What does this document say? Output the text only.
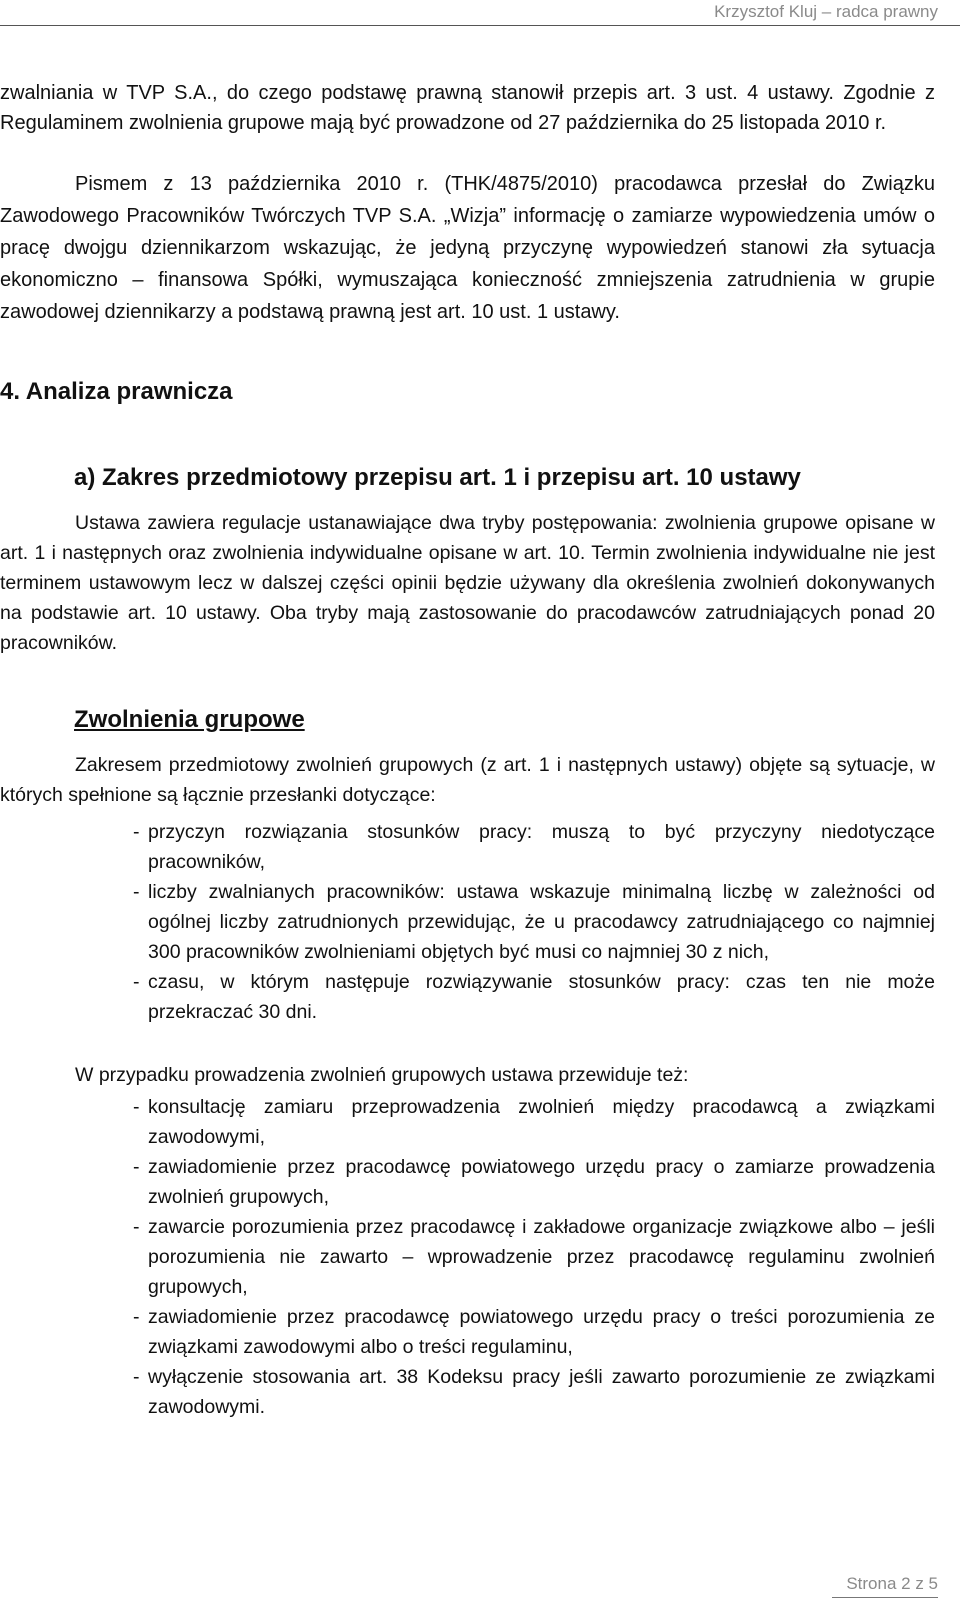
Krzysztof Kluj – radca prawny

zwalniania w TVP S.A., do czego podstawę prawną stanowił przepis art. 3 ust. 4 ustawy. Zgodnie z Regulaminem zwolnienia grupowe mają być prowadzone od 27 października do 25 listopada 2010 r.

Pismem z 13 października 2010 r. (THK/4875/2010) pracodawca przesłał do Związku Zawodowego Pracowników Twórczych TVP S.A. „Wizja” informację o zamiarze wypowiedzenia umów o pracę dwojgu dziennikarzom wskazując, że jedyną przyczynę wypowiedzeń stanowi zła sytuacja ekonomiczno – finansowa Spółki, wymuszająca konieczność zmniejszenia zatrudnienia w grupie zawodowej dziennikarzy a podstawą prawną jest art. 10 ust. 1 ustawy.

4. Analiza prawnicza
a) Zakres przedmiotowy przepisu art. 1 i przepisu art. 10 ustawy

Ustawa zawiera regulacje ustanawiające dwa tryby postępowania: zwolnienia grupowe opisane w art. 1 i następnych oraz zwolnienia indywidualne opisane w art. 10. Termin zwolnienia indywidualne nie jest terminem ustawowym lecz w dalszej części opinii będzie używany dla określenia zwolnień dokonywanych na podstawie art. 10 ustawy. Oba tryby mają zastosowanie do pracodawców zatrudniających ponad 20 pracowników.

Zwolnienia grupowe

Zakresem przedmiotowy zwolnień grupowych (z art. 1 i następnych ustawy) objęte są sytuacje, w których spełnione są łącznie przesłanki dotyczące:

- przyczyn rozwiązania stosunków pracy: muszą to być przyczyny niedotyczące pracowników,
- liczby zwalnianych pracowników: ustawa wskazuje minimalną liczbę w zależności od ogólnej liczby zatrudnionych przewidując, że u pracodawcy zatrudniającego co najmniej 300 pracowników zwolnieniami objętych być musi co najmniej 30 z nich,
- czasu, w którym następuje rozwiązywanie stosunków pracy: czas ten nie może przekraczać 30 dni.

W przypadku prowadzenia zwolnień grupowych ustawa przewiduje też:

- konsultację zamiaru przeprowadzenia zwolnień między pracodawcą a związkami zawodowymi,
- zawiadomienie przez pracodawcę powiatowego urzędu pracy o zamiarze prowadzenia zwolnień grupowych,
- zawarcie porozumienia przez pracodawcę i zakładowe organizacje związkowe albo – jeśli porozumienia nie zawarto – wprowadzenie przez pracodawcę regulaminu zwolnień grupowych,
- zawiadomienie przez pracodawcę powiatowego urzędu pracy o treści porozumienia ze związkami zawodowymi albo o treści regulaminu,
- wyłączenie stosowania art. 38 Kodeksu pracy jeśli zawarto porozumienie ze związkami zawodowymi.
Strona 2 z 5
